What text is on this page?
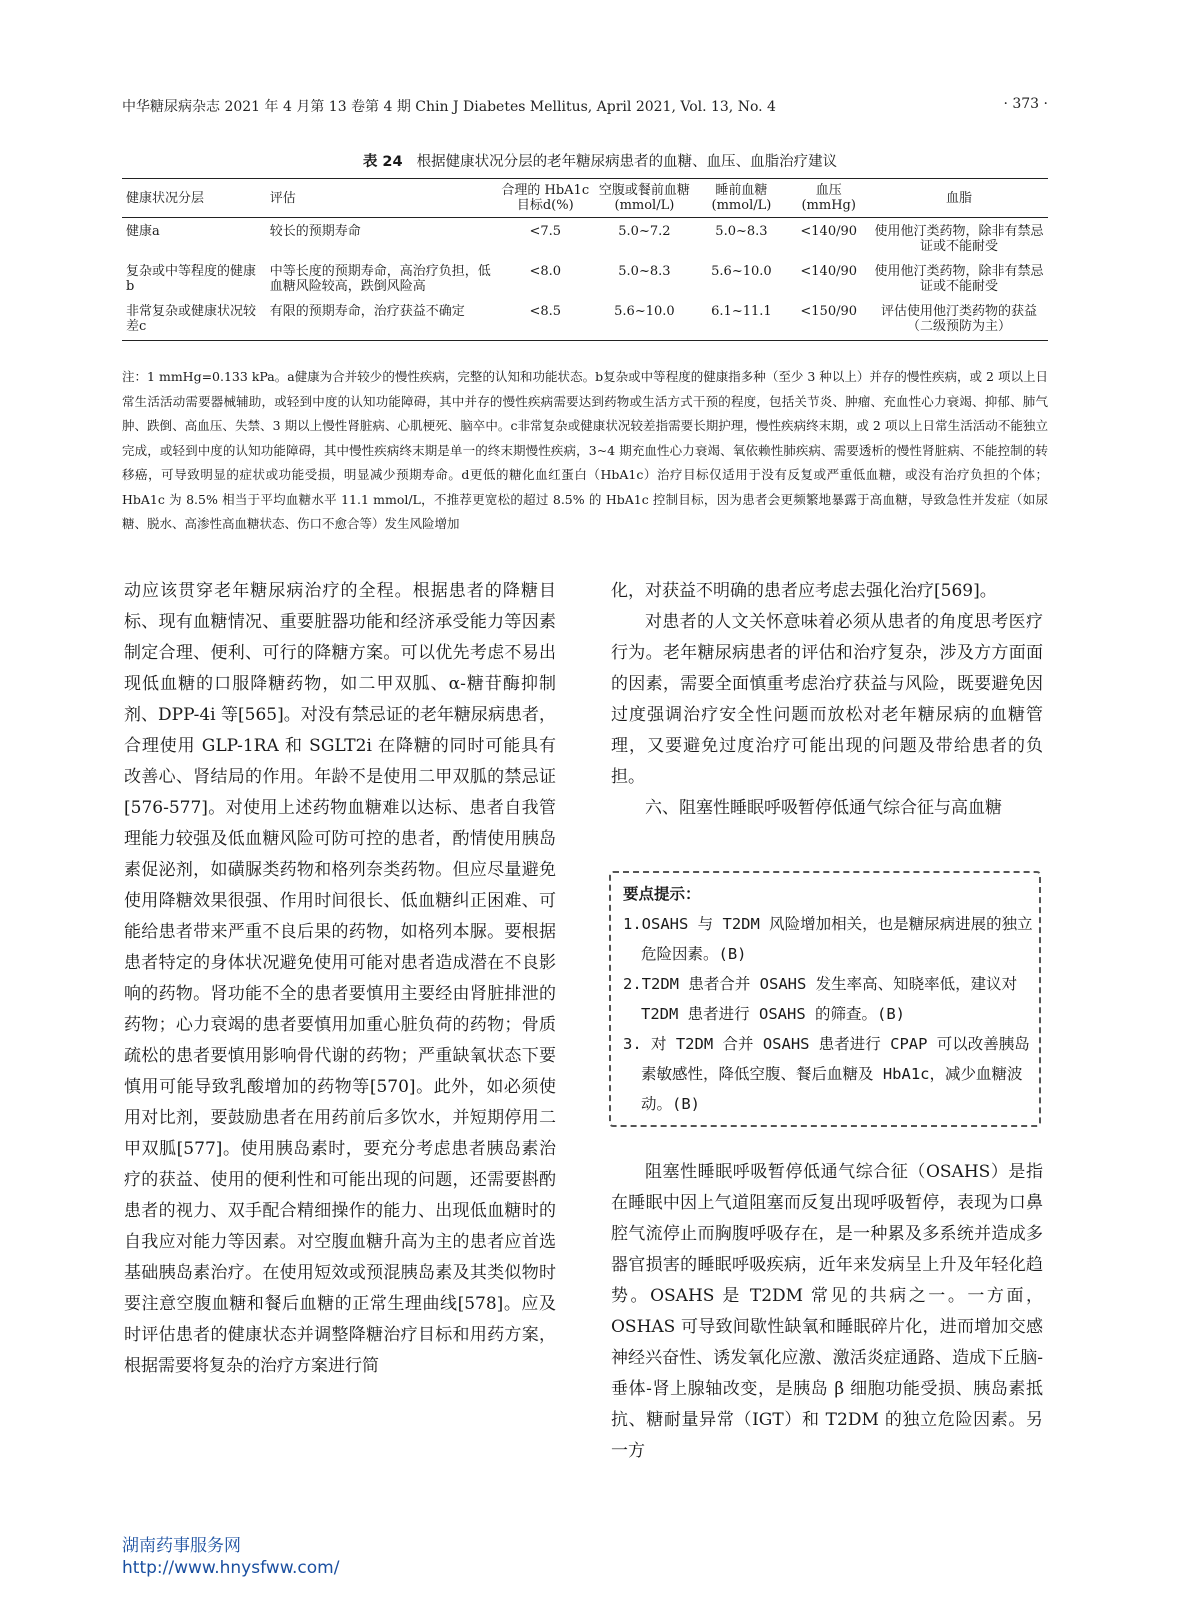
中华糖尿病杂志 2021 年 4 月第 13 卷第 4 期 Chin J Diabetes Mellitus, April 2021, Vol. 13, No. 4	· 373 ·
表 24 根据健康状况分层的老年糖尿病患者的血糖、血压、血脂治疗建议
健康状况分层	评估	合理的 HbA1c 目标d(%)	空腹或餐前血糖(mmol/L)	睡前血糖(mmol/L)	血压(mmHg)	血脂
健康a	较长的预期寿命	<7.5	5.0~7.2	5.0~8.3	<140/90	使用他汀类药物，除非有禁忌证或不能耐受
复杂或中等程度的健康b	中等长度的预期寿命，高治疗负担，低血糖风险较高，跌倒风险高	<8.0	5.0~8.3	5.6~10.0	<140/90	使用他汀类药物，除非有禁忌证或不能耐受
非常复杂或健康状况较差c	有限的预期寿命，治疗获益不确定	<8.5	5.6~10.0	6.1~11.1	<150/90	评估使用他汀类药物的获益（二级预防为主）

注：1 mmHg=0.133 kPa。a健康为合并较少的慢性疾病，完整的认知和功能状态。b复杂或中等程度的健康指多种（至少 3 种以上）并存的慢性疾病，或 2 项以上日常生活活动需要器械辅助，或轻到中度的认知功能障碍，其中并存的慢性疾病需要达到药物或生活方式干预的程度，包括关节炎、肿瘤、充血性心力衰竭、抑郁、肺气肿、跌倒、高血压、失禁、3 期以上慢性肾脏病、心肌梗死、脑卒中。c非常复杂或健康状况较差指需要长期护理，慢性疾病终末期，或 2 项以上日常生活活动不能独立完成，或轻到中度的认知功能障碍，其中慢性疾病终末期是单一的终末期慢性疾病，3~4 期充血性心力衰竭、氧依赖性肺疾病、需要透析的慢性肾脏病、不能控制的转移癌，可导致明显的症状或功能受损，明显减少预期寿命。d更低的糖化血红蛋白（HbA1c）治疗目标仅适用于没有反复或严重低血糖，或没有治疗负担的个体；HbA1c 为 8.5% 相当于平均血糖水平 11.1 mmol/L，不推荐更宽松的超过 8.5% 的 HbA1c 控制目标，因为患者会更频繁地暴露于高血糖，导致急性并发症（如尿糖、脱水、高渗性高血糖状态、伤口不愈合等）发生风险增加

动应该贯穿老年糖尿病治疗的全程。根据患者的降糖目标、现有血糖情况、重要脏器功能和经济承受能力等因素制定合理、便利、可行的降糖方案。可以优先考虑不易出现低血糖的口服降糖药物，如二甲双胍、α-糖苷酶抑制剂、DPP-4i 等[565]。对没有禁忌证的老年糖尿病患者，合理使用 GLP-1RA 和 SGLT2i 在降糖的同时可能具有改善心、肾结局的作用。年龄不是使用二甲双胍的禁忌证[576-577]。对使用上述药物血糖难以达标、患者自我管理能力较强及低血糖风险可防可控的患者，酌情使用胰岛素促泌剂，如磺脲类药物和格列奈类药物。但应尽量避免使用降糖效果很强、作用时间很长、低血糖纠正困难、可能给患者带来严重不良后果的药物，如格列本脲。要根据患者特定的身体状况避免使用可能对患者造成潜在不良影响的药物。肾功能不全的患者要慎用主要经由肾脏排泄的药物；心力衰竭的患者要慎用加重心脏负荷的药物；骨质疏松的患者要慎用影响骨代谢的药物；严重缺氧状态下要慎用可能导致乳酸增加的药物等[570]。此外，如必须使用对比剂，要鼓励患者在用药前后多饮水，并短期停用二甲双胍[577]。使用胰岛素时，要充分考虑患者胰岛素治疗的获益、使用的便利性和可能出现的问题，还需要斟酌患者的视力、双手配合精细操作的能力、出现低血糖时的自我应对能力等因素。对空腹血糖升高为主的患者应首选基础胰岛素治疗。在使用短效或预混胰岛素及其类似物时要注意空腹血糖和餐后血糖的正常生理曲线[578]。应及时评估患者的健康状态并调整降糖治疗目标和用药方案，根据需要将复杂的治疗方案进行简

化，对获益不明确的患者应考虑去强化治疗[569]。

对患者的人文关怀意味着必须从患者的角度思考医疗行为。老年糖尿病患者的评估和治疗复杂，涉及方方面面的因素，需要全面慎重考虑治疗获益与风险，既要避免因过度强调治疗安全性问题而放松对老年糖尿病的血糖管理，又要避免过度治疗可能出现的问题及带给患者的负担。

六、阻塞性睡眠呼吸暂停低通气综合征与高血糖

要点提示：

1.OSAHS 与 T2DM 风险增加相关，也是糖尿病进展的独立危险因素。(B)

2.T2DM 患者合并 OSAHS 发生率高、知晓率低，建议对 T2DM 患者进行 OSAHS 的筛查。(B)

3. 对 T2DM 合并 OSAHS 患者进行 CPAP 可以改善胰岛素敏感性，降低空腹、餐后血糖及 HbA1c，减少血糖波动。(B)

阻塞性睡眠呼吸暂停低通气综合征（OSAHS）是指在睡眠中因上气道阻塞而反复出现呼吸暂停，表现为口鼻腔气流停止而胸腹呼吸存在，是一种累及多系统并造成多器官损害的睡眠呼吸疾病，近年来发病呈上升及年轻化趋势。OSAHS 是 T2DM 常见的共病之一。一方面，OSHAS 可导致间歇性缺氧和睡眠碎片化，进而增加交感神经兴奋性、诱发氧化应激、激活炎症通路、造成下丘脑-垂体-肾上腺轴改变，是胰岛 β 细胞功能受损、胰岛素抵抗、糖耐量异常（IGT）和 T2DM 的独立危险因素。另一方

湖南药事服务网
http://www.hnysfww.com/
